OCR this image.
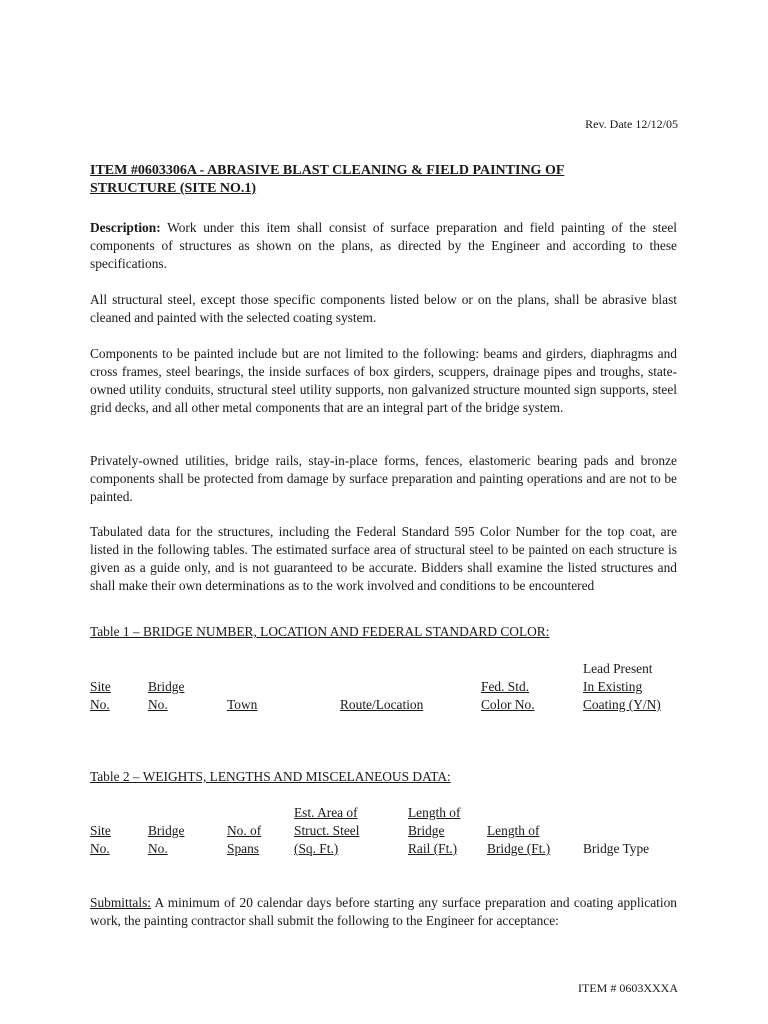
Rev. Date 12/12/05
ITEM #0603306A - ABRASIVE BLAST CLEANING & FIELD PAINTING OF
STRUCTURE (SITE NO.1)
Description: Work under this item shall consist of surface preparation and field painting of the steel components of structures as shown on the plans, as directed by the Engineer and according to these specifications.
All structural steel, except those specific components listed below or on the plans, shall be abrasive blast cleaned and painted with the selected coating system.
Components to be painted include but are not limited to the following: beams and girders, diaphragms and cross frames, steel bearings, the inside surfaces of box girders, scuppers, drainage pipes and troughs, state-owned utility conduits, structural steel utility supports, non galvanized structure mounted sign supports, steel grid decks, and all other metal components that are an integral part of the bridge system.
Privately-owned utilities, bridge rails, stay-in-place forms, fences, elastomeric bearing pads and bronze components shall be protected from damage by surface preparation and painting operations and are not to be painted.
Tabulated data for the structures, including the Federal Standard 595 Color Number for the top coat, are listed in the following tables. The estimated surface area of structural steel to be painted on each structure is given as a guide only, and is not guaranteed to be accurate. Bidders shall examine the listed structures and shall make their own determinations as to the work involved and conditions to be encountered
Table 1 – BRIDGE NUMBER, LOCATION AND FEDERAL STANDARD COLOR:
Site
No.
Bridge
No.	Town	Route/Location
Fed. Std.
Color No.
Lead Present
In Existing
Coating (Y/N)
Table 2 – WEIGHTS, LENGTHS AND MISCELANEOUS DATA:
Site
No.
Bridge
No.
No. of
Spans
Est. Area of
Struct. Steel
(Sq. Ft.)
Length of
Bridge
Rail (Ft.)
Length of
Bridge (Ft.) Bridge Type
Submittals: A minimum of 20 calendar days before starting any surface preparation and coating application work, the painting contractor shall submit the following to the Engineer for acceptance:
ITEM # 0603XXXA
